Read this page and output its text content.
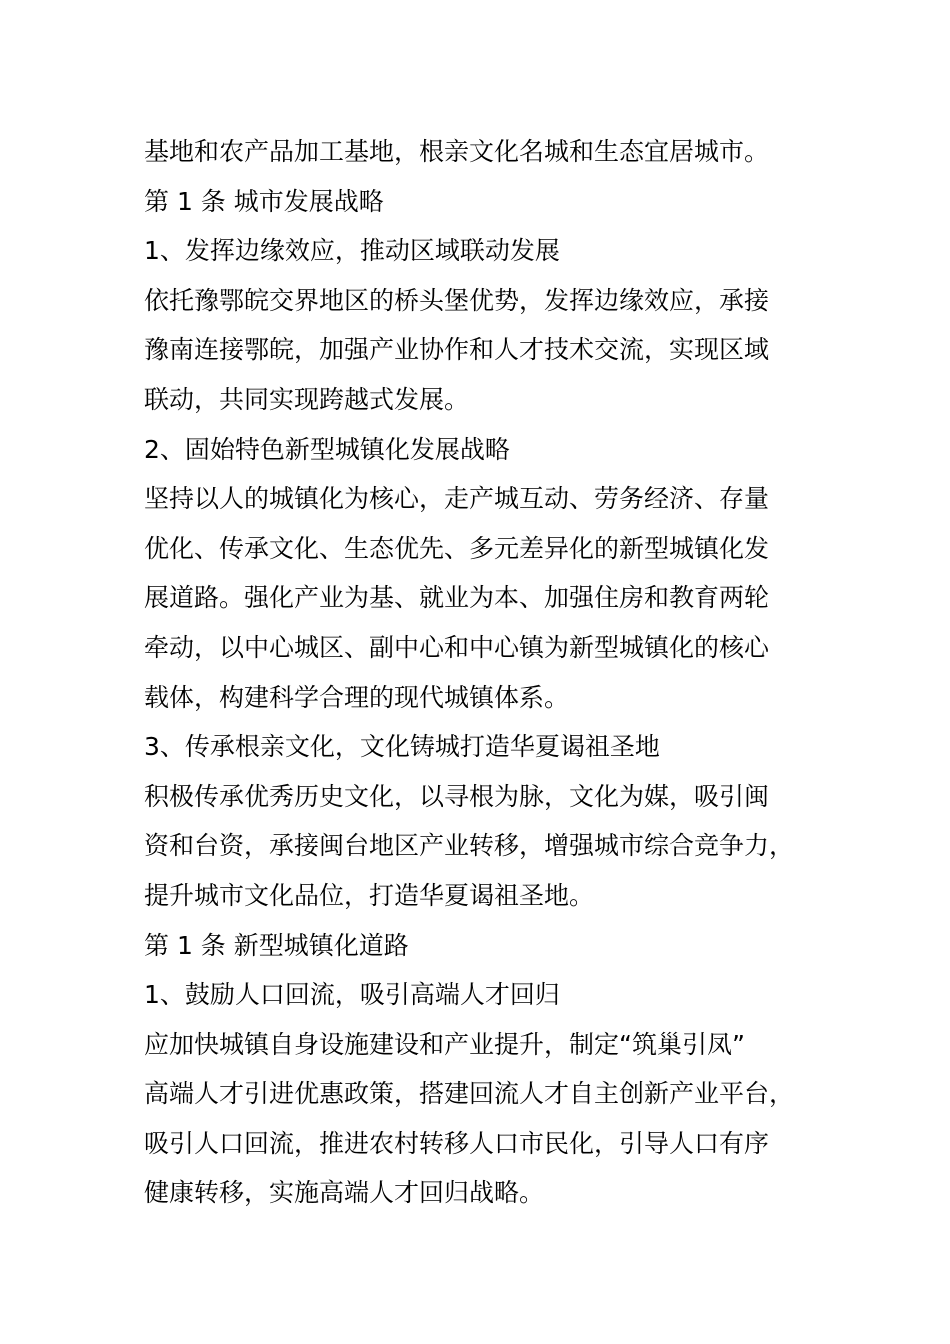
基地和农产品加工基地，根亲文化名城和生态宜居城市。
第 1 条 城市发展战略
1、发挥边缘效应，推动区域联动发展
依托豫鄂皖交界地区的桥头堡优势，发挥边缘效应，承接
豫南连接鄂皖，加强产业协作和人才技术交流，实现区域
联动，共同实现跨越式发展。
2、固始特色新型城镇化发展战略
坚持以人的城镇化为核心，走产城互动、劳务经济、存量
优化、传承文化、生态优先、多元差异化的新型城镇化发
展道路。强化产业为基、就业为本、加强住房和教育两轮
牵动，以中心城区、副中心和中心镇为新型城镇化的核心
载体，构建科学合理的现代城镇体系。
3、传承根亲文化，文化铸城打造华夏谒祖圣地
积极传承优秀历史文化，以寻根为脉，文化为媒，吸引闽
资和台资，承接闽台地区产业转移，增强城市综合竞争力，
提升城市文化品位，打造华夏谒祖圣地。
第 1 条 新型城镇化道路
1、鼓励人口回流，吸引高端人才回归
应加快城镇自身设施建设和产业提升，制定“筑巢引凤”
高端人才引进优惠政策，搭建回流人才自主创新产业平台，
吸引人口回流，推进农村转移人口市民化，引导人口有序
健康转移，实施高端人才回归战略。
